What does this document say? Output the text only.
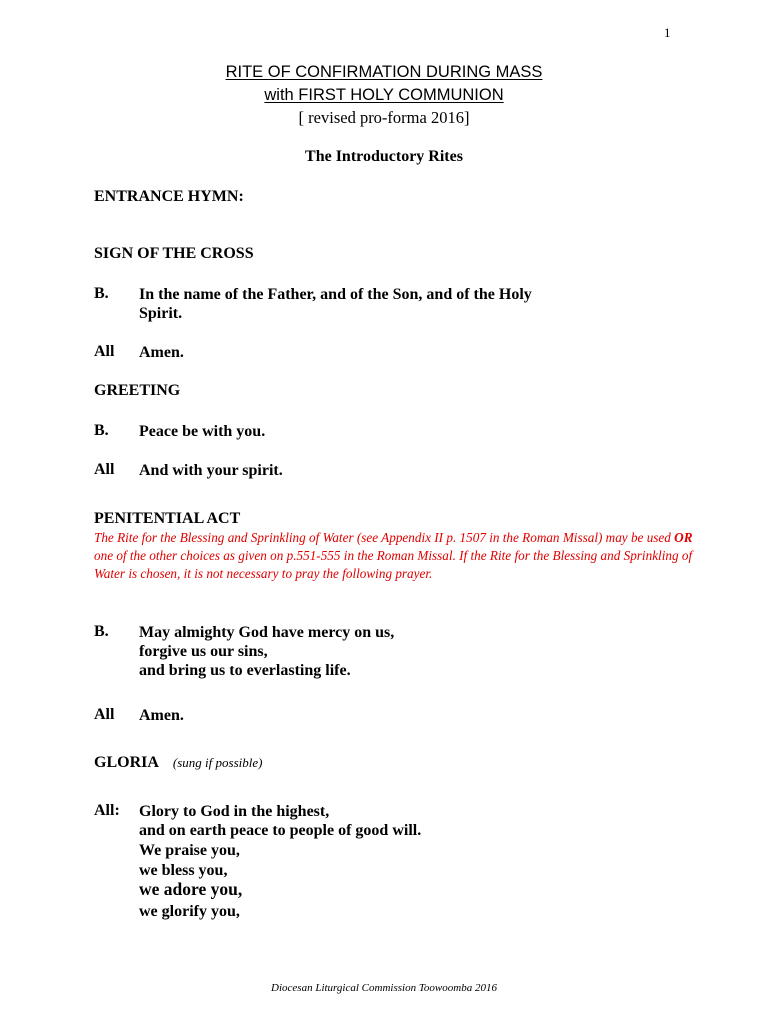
1
RITE OF CONFIRMATION DURING MASS
with FIRST HOLY COMMUNION
[ revised pro-forma 2016]
The Introductory Rites
ENTRANCE HYMN:
SIGN OF THE CROSS
B.	In the name of the Father, and of the Son, and of the Holy
Spirit.
All	Amen.
GREETING
B.	Peace be with you.
All	And with your spirit.
PENITENTIAL ACT
The Rite for the Blessing and Sprinkling of Water (see Appendix II p. 1507 in the Roman Missal) may be used OR one of the other choices as given on p.551-555 in the Roman Missal. If the Rite for the Blessing and Sprinkling of Water is chosen, it is not necessary to pray the following prayer.
B.	May almighty God have mercy on us,
forgive us our sins,
and bring us to everlasting life.
All	Amen.
GLORIA (sung if possible)
All:	Glory to God in the highest,
and on earth peace to people of good will.
We praise you,
we bless you,
we adore you,
we glorify you,
Diocesan Liturgical Commission Toowoomba 2016
